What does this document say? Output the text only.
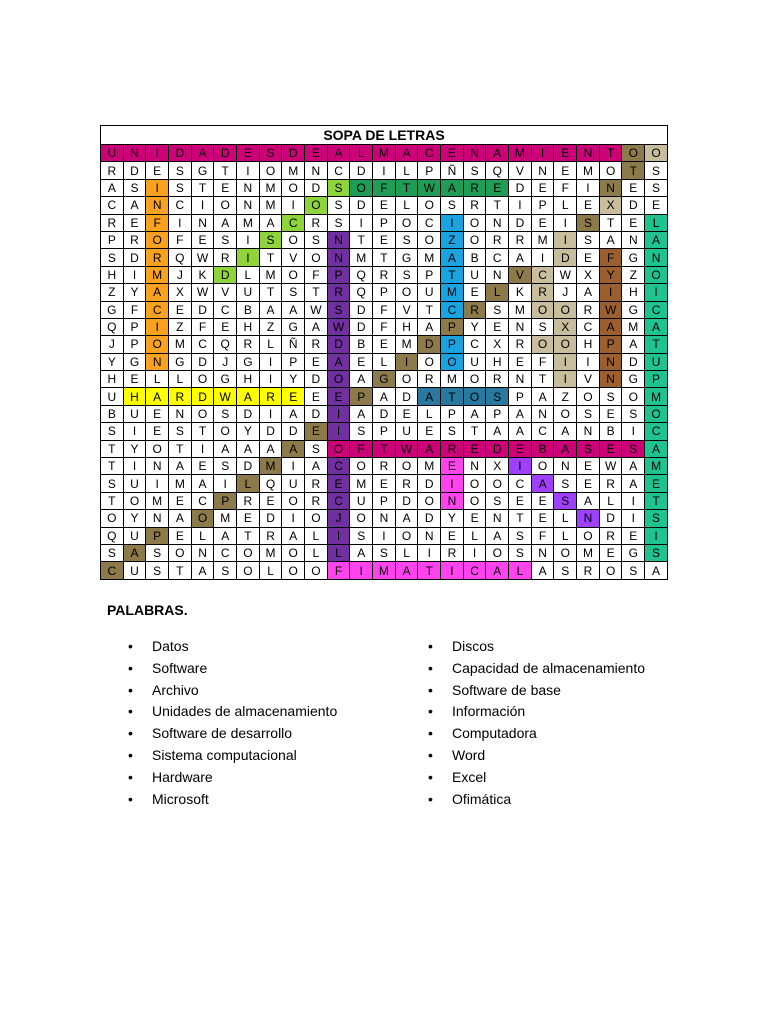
SOPA DE LETRAS																								
U	N	I	D	A	D	E	S	D	E	A	L	M	A	C	E	N	A	M	I	E	N	T	O	O
R	D	E	S	G	T	I	O	M	N	C	D	I	L	P	Ñ	S	Q	V	N	E	M	O	T	S
A	S	I	S	T	E	N	M	O	D	S	O	F	T	W	A	R	E	D	E	F	I	N	E	S
C	A	N	C	I	O	N	M	I	O	S	D	E	L	O	S	R	T	I	P	L	E	X	D	E
R	E	F	I	N	A	M	A	C	R	S	I	P	O	C	I	O	N	D	E	I	S	T	E	L
P	R	O	F	E	S	I	S	O	S	N	T	E	S	O	Z	O	R	R	M	I	S	A	N	A
S	D	R	Q	W	R	I	T	V	O	N	M	T	G	M	A	B	C	A	I	D	E	F	G	N
H	I	M	J	K	D	L	M	O	F	P	Q	R	S	P	T	U	N	V	C	W	X	Y	Z	O
Z	Y	A	X	W	V	U	T	S	T	R	Q	P	O	U	M	E	L	K	R	J	A	I	H	I
G	F	C	E	D	C	B	A	A	W	S	D	F	V	T	C	R	S	M	O	O	R	W	G	C
Q	P	I	Z	F	E	H	Z	G	A	W	D	F	H	A	P	Y	E	N	S	X	C	A	M	A
J	P	O	M	C	Q	R	L	Ñ	R	D	B	E	M	D	P	C	X	R	O	O	H	P	A	T
Y	G	N	G	D	J	G	I	P	E	A	E	L	I	O	O	U	H	E	F	I	I	N	D	U
H	E	L	L	O	G	H	I	Y	D	O	A	G	O	R	M	O	R	N	T	I	V	N	G	P
U	H	A	R	D	W	A	R	E	E	E	P	A	D	A	T	O	S	P	A	Z	O	S	O	M
B	U	E	N	O	S	D	I	A	D	I	A	D	E	L	P	A	P	A	N	O	S	E	S	O
S	I	E	S	T	O	Y	D	D	E	I	S	P	U	E	S	T	A	A	C	A	N	B	I	C
T	Y	O	T	I	A	A	A	A	S	O	F	T	W	A	R	E	D	E	B	A	S	E	S	A
T	I	N	A	E	S	D	M	I	A	C	O	R	O	M	E	N	X	I	O	N	E	W	A	M
S	U	I	M	A	I	L	Q	U	R	E	M	E	R	D	I	O	O	C	A	S	E	R	A	E
T	O	M	E	C	P	R	E	O	R	C	U	P	D	O	N	O	S	E	E	S	A	L	I	T
O	Y	N	A	O	M	E	D	I	O	J	O	N	A	D	Y	E	N	T	E	L	N	D	I	S
Q	U	P	E	L	A	T	R	A	L	I	S	I	O	N	E	L	A	S	F	L	O	R	E	I
S	A	S	O	N	C	O	M	O	L	L	A	S	L	I	R	I	O	S	N	O	M	E	G	S
C	U	S	T	A	S	O	L	O	O	F	I	M	A	T	I	C	A	L	A	S	R	O	S	A
PALABRAS.
• Datos
• Software
• Archivo
• Unidades de almacenamiento
• Software de desarrollo
• Sistema computacional
• Hardware
• Microsoft
• Discos
• Capacidad de almacenamiento
• Software de base
• Información
• Computadora
• Word
• Excel
• Ofimática
